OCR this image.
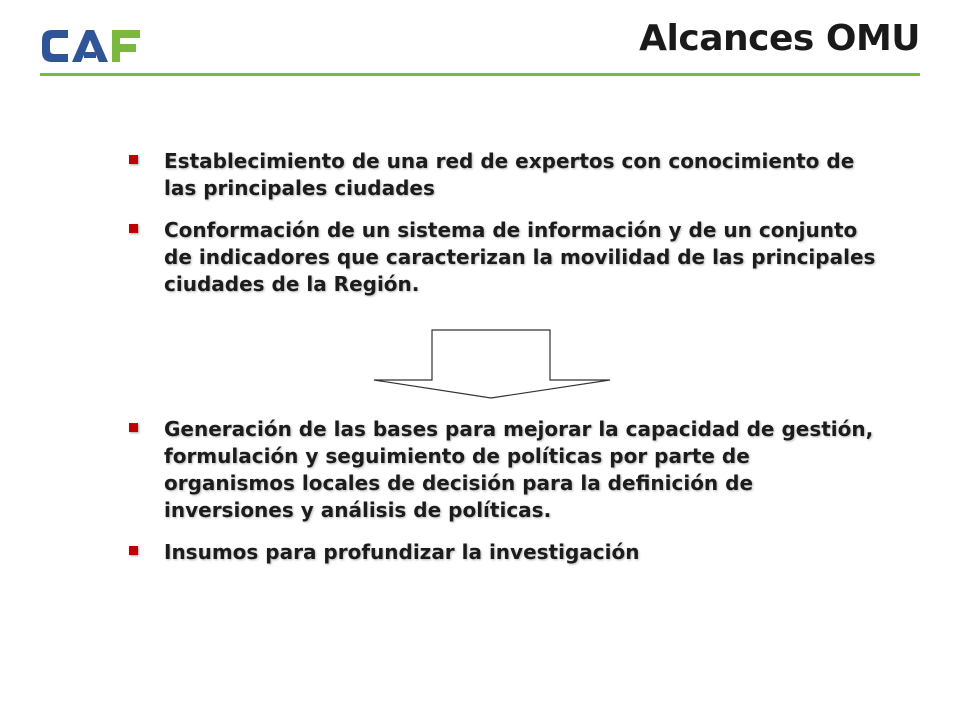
Alcances OMU
Establecimiento de una red de expertos con conocimiento de las principales ciudades
Conformación de un sistema de información y de un conjunto de indicadores que caracterizan la movilidad de las principales ciudades de la Región.
Generación de las bases para mejorar la capacidad de gestión, formulación y seguimiento de políticas por parte de organismos locales de decisión para la definición de inversiones y análisis de políticas.
Insumos para profundizar la investigación
